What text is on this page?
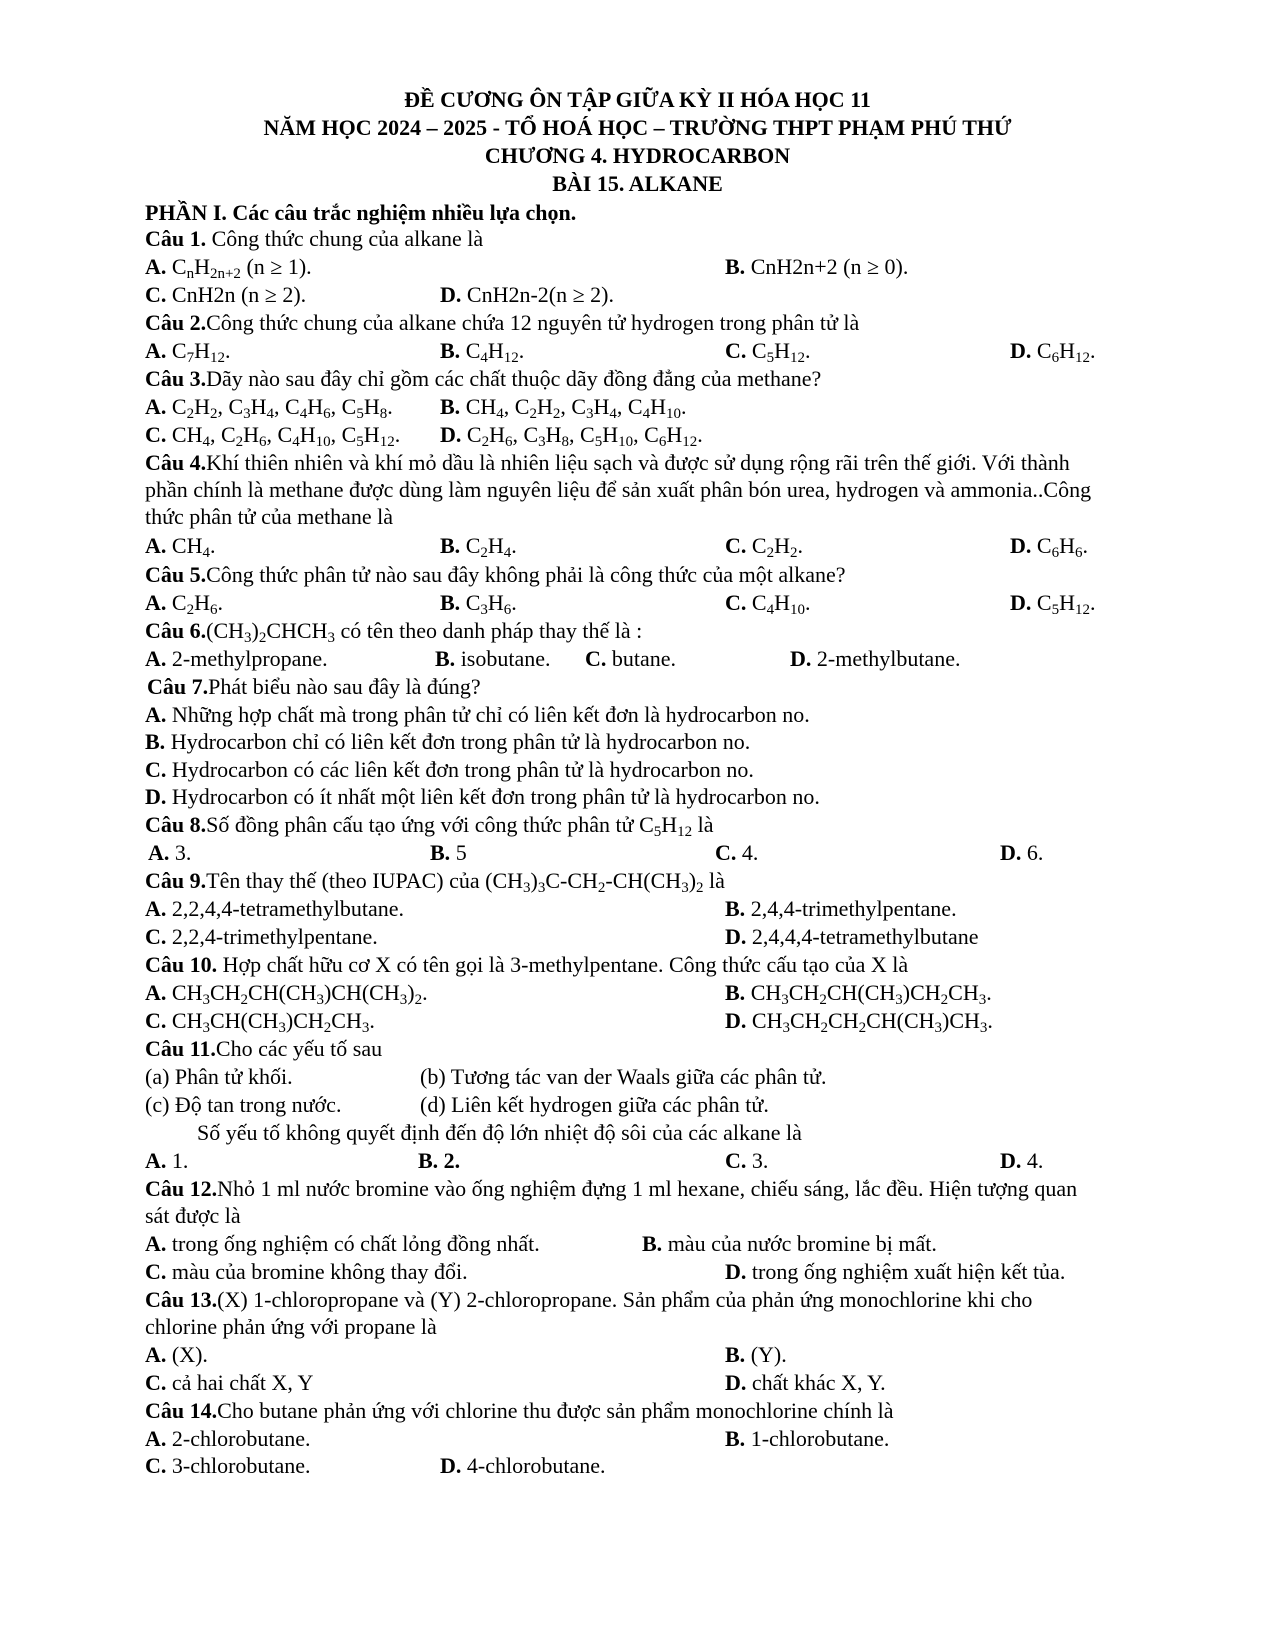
ĐỀ CƯƠNG ÔN TẬP GIỮA KỲ II HÓA HỌC 11
NĂM HỌC 2024 – 2025 - TỔ HOÁ HỌC – TRƯỜNG THPT PHẠM PHÚ THỨ
CHƯƠNG 4. HYDROCARBON
BÀI 15. ALKANE
PHẦN I. Các câu trắc nghiệm nhiều lựa chọn.
Câu 1. Công thức chung của alkane là
A. $C_nH_{2n+2}$ (n ≥ 1).	B. CnH2n+2 (n ≥ 0).
C. CnH2n (n ≥ 2).	D. CnH2n-2(n ≥ 2).
Câu 2.Công thức chung của alkane chứa 12 nguyên tử hydrogen trong phân tử là
A. $C_7H_{12}$.	B. $C_4H_{12}$.	C. $C_5H_{12}$.	D. $C_6H_{12}$.
Câu 3.Dãy nào sau đây chỉ gồm các chất thuộc dãy đồng đẳng của methane?
A. $C_2H_2$, $C_3H_4$, $C_4H_6$, $C_5H_8$. B. $CH_4$, $C_2H_2$, $C_3H_4$, $C_4H_{10}$.
C. $CH_4$, $C_2H_6$, $C_4H_{10}$, $C_5H_{12}$. D. $C_2H_6$, $C_3H_8$, $C_5H_{10}$, $C_6H_{12}$.
Câu 4.Khí thiên nhiên và khí mỏ dầu là nhiên liệu sạch và được sử dụng rộng rãi trên thế giới. Với thành
phần chính là methane được dùng làm nguyên liệu để sản xuất phân bón urea, hydrogen và ammonia..Công
thức phân tử của methane là
A. $CH_4$.	B. $C_2H_4$.	C. $C_2H_2$.	D. $C_6H_6$.
Câu 5.Công thức phân tử nào sau đây không phải là công thức của một alkane?
A. $C_2H_6$.	B. $C_3H_6$.	C. $C_4H_{10}$.	D. $C_5H_{12}$.
Câu $6.(CH_3)_2CHCH_3$ có tên theo danh pháp thay thế là :
A. 2-methylpropane.	B. isobutane. C. butane.	D. 2-methylbutane.
Câu 7.Phát biểu nào sau đây là đúng?
A. Những hợp chất mà trong phân tử chỉ có liên kết đơn là hydrocarbon no.
B. Hydrocarbon chỉ có liên kết đơn trong phân tử là hydrocarbon no.
C. Hydrocarbon có các liên kết đơn trong phân tử là hydrocarbon no.
D. Hydrocarbon có ít nhất một liên kết đơn trong phân tử là hydrocarbon no.
Câu 8.Số đồng phân cấu tạo ứng với công thức phân tử $C_5H_{12}$ là
A. 3.	B. 5	C. 4.	D. 6.
Câu 9.Tên thay thế (theo IUPAC) của $(CH_3)_3C-CH_2-CH(CH_3)_2$ là
A. 2,2,4,4-tetramethylbutane.	B. 2,4,4-trimethylpentane.
C. 2,2,4-trimethylpentane.	D. 2,4,4,4-tetramethylbutane
Câu 10. Hợp chất hữu cơ X có tên gọi là 3-methylpentane. Công thức cấu tạo của X là
A. $CH_3CH_2CH(CH_3)CH(CH_3)_2$.	B. $CH_3CH_2CH(CH_3)CH_2CH_3$.
C. $CH_3CH(CH_3)CH_2CH_3$.	D. $CH_3CH_2CH_2CH(CH_3)CH_3$.
Câu 11.Cho các yếu tố sau
(a) Phân tử khối.	(b) Tương tác van der Waals giữa các phân tử.
(c) Độ tan trong nước.	(d) Liên kết hydrogen giữa các phân tử.
Số yếu tố không quyết định đến độ lớn nhiệt độ sôi của các alkane là
A. 1.	B. 2.	C. 3.	D. 4.
Câu 12.Nhỏ 1 ml nước bromine vào ống nghiệm đựng 1 ml hexane, chiếu sáng, lắc đều. Hiện tượng quan
sát được là
A. trong ống nghiệm có chất lỏng đồng nhất.	B. màu của nước bromine bị mất.
C. màu của bromine không thay đổi.	D. trong ống nghiệm xuất hiện kết tủa.
Câu 13.(X) 1-chloropropane và (Y) 2-chloropropane. Sản phẩm của phản ứng monochlorine khi cho
chlorine phản ứng với propane là
A. (X).	B. (Y).
C. cả hai chất X, Y	D. chất khác X, Y.
Câu 14.Cho butane phản ứng với chlorine thu được sản phẩm monochlorine chính là
A. 2-chlorobutane.	B. 1-chlorobutane.
C. 3-chlorobutane.	D. 4-chlorobutane.
